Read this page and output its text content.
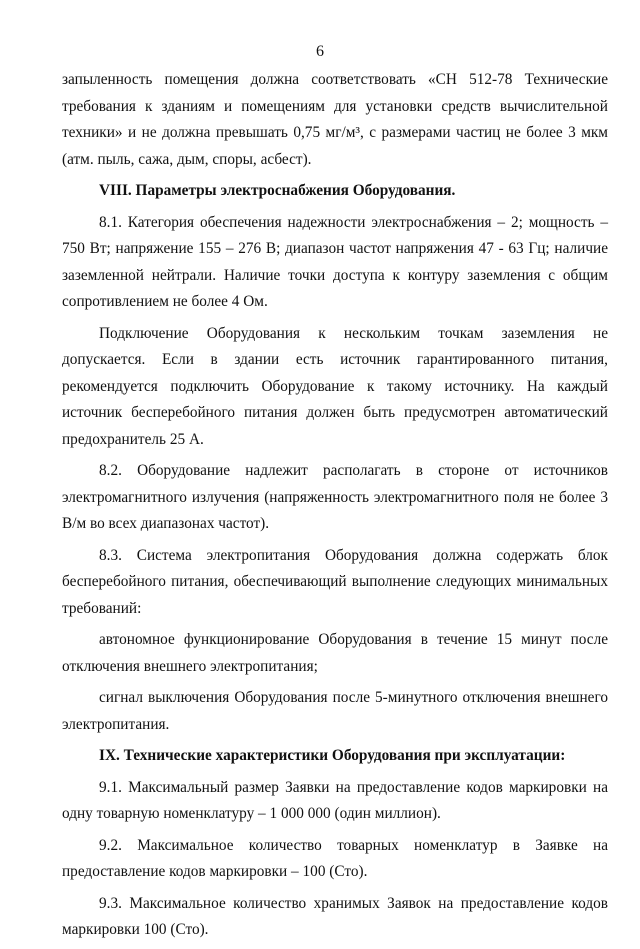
6

запыленность помещения должна соответствовать «СН 512-78 Технические требования к зданиям и помещениям для установки средств вычислительной техники» и не должна превышать 0,75 мг/м³, с размерами частиц не более 3 мкм (атм. пыль, сажа, дым, споры, асбест).

VIII. Параметры электроснабжения Оборудования.

8.1. Категория обеспечения надежности электроснабжения – 2; мощность – 750 Вт; напряжение 155 – 276 В; диапазон частот напряжения 47 - 63 Гц; наличие заземленной нейтрали. Наличие точки доступа к контуру заземления с общим сопротивлением не более 4 Ом.

Подключение Оборудования к нескольким точкам заземления не допускается. Если в здании есть источник гарантированного питания, рекомендуется подключить Оборудование к такому источнику. На каждый источник бесперебойного питания должен быть предусмотрен автоматический предохранитель 25 А.

8.2. Оборудование надлежит располагать в стороне от источников электромагнитного излучения (напряженность электромагнитного поля не более 3 В/м во всех диапазонах частот).

8.3. Система электропитания Оборудования должна содержать блок бесперебойного питания, обеспечивающий выполнение следующих минимальных требований:

автономное функционирование Оборудования в течение 15 минут после отключения внешнего электропитания;

сигнал выключения Оборудования после 5-минутного отключения внешнего электропитания.

IX. Технические характеристики Оборудования при эксплуатации:

9.1. Максимальный размер Заявки на предоставление кодов маркировки на одну товарную номенклатуру – 1 000 000 (один миллион).

9.2. Максимальное количество товарных номенклатур в Заявке на предоставление кодов маркировки – 100 (Сто).

9.3. Максимальное количество хранимых Заявок на предоставление кодов маркировки 100 (Сто).
